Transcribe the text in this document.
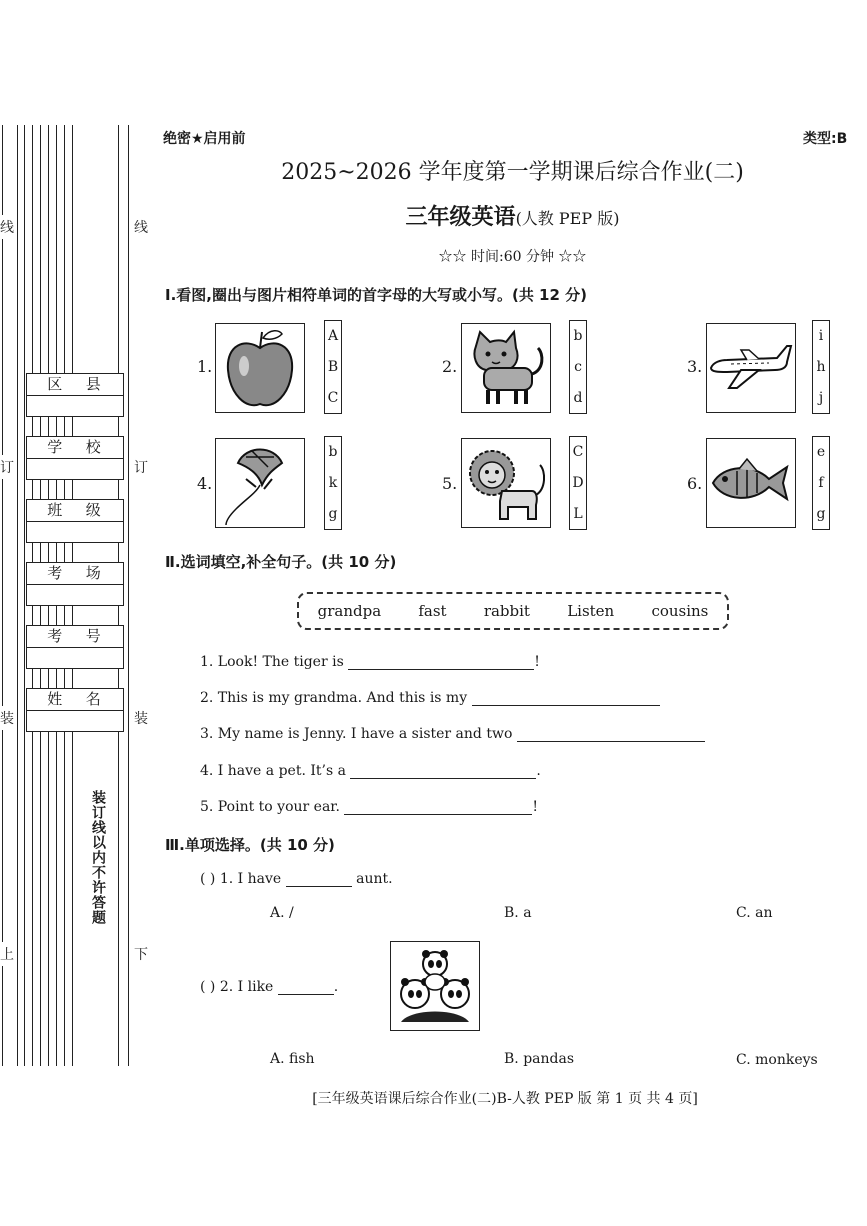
线
订
装
上
线
订
装
下
区 县
学 校
班 级
考 场
考 号
姓 名
装订线以内不许答题
绝密★启用前	类型:B
2025~2026 学年度第一学期课后综合作业(二)
三年级英语(人教 PEP 版)
☆☆ 时间:60 分钟 ☆☆
Ⅰ.看图,圈出与图片相符单词的首字母的大写或小写。(共 12 分)
1.
A
B
C
2.
b
c
d
3.
i
h
j
4.
b
k
g
5.
C
D
L
6.
e
f
g
Ⅱ.选词填空,补全句子。(共 10 分)
grandpa fast rabbit Listen cousins
1. Look! The tiger is	!
2. This is my grandma. And this is my
3. My name is Jenny. I have a sister and two
4. I have a pet. It’s a	.
5. Point to your ear.	!
Ⅲ.单项选择。(共 10 分)
( ) 1. I have	aunt.
A. /	B. a	C. an
( ) 2. I like	.
A. fish	B. pandas	C. monkeys
[三年级英语课后综合作业(二)B-人教 PEP 版 第 1 页 共 4 页]
